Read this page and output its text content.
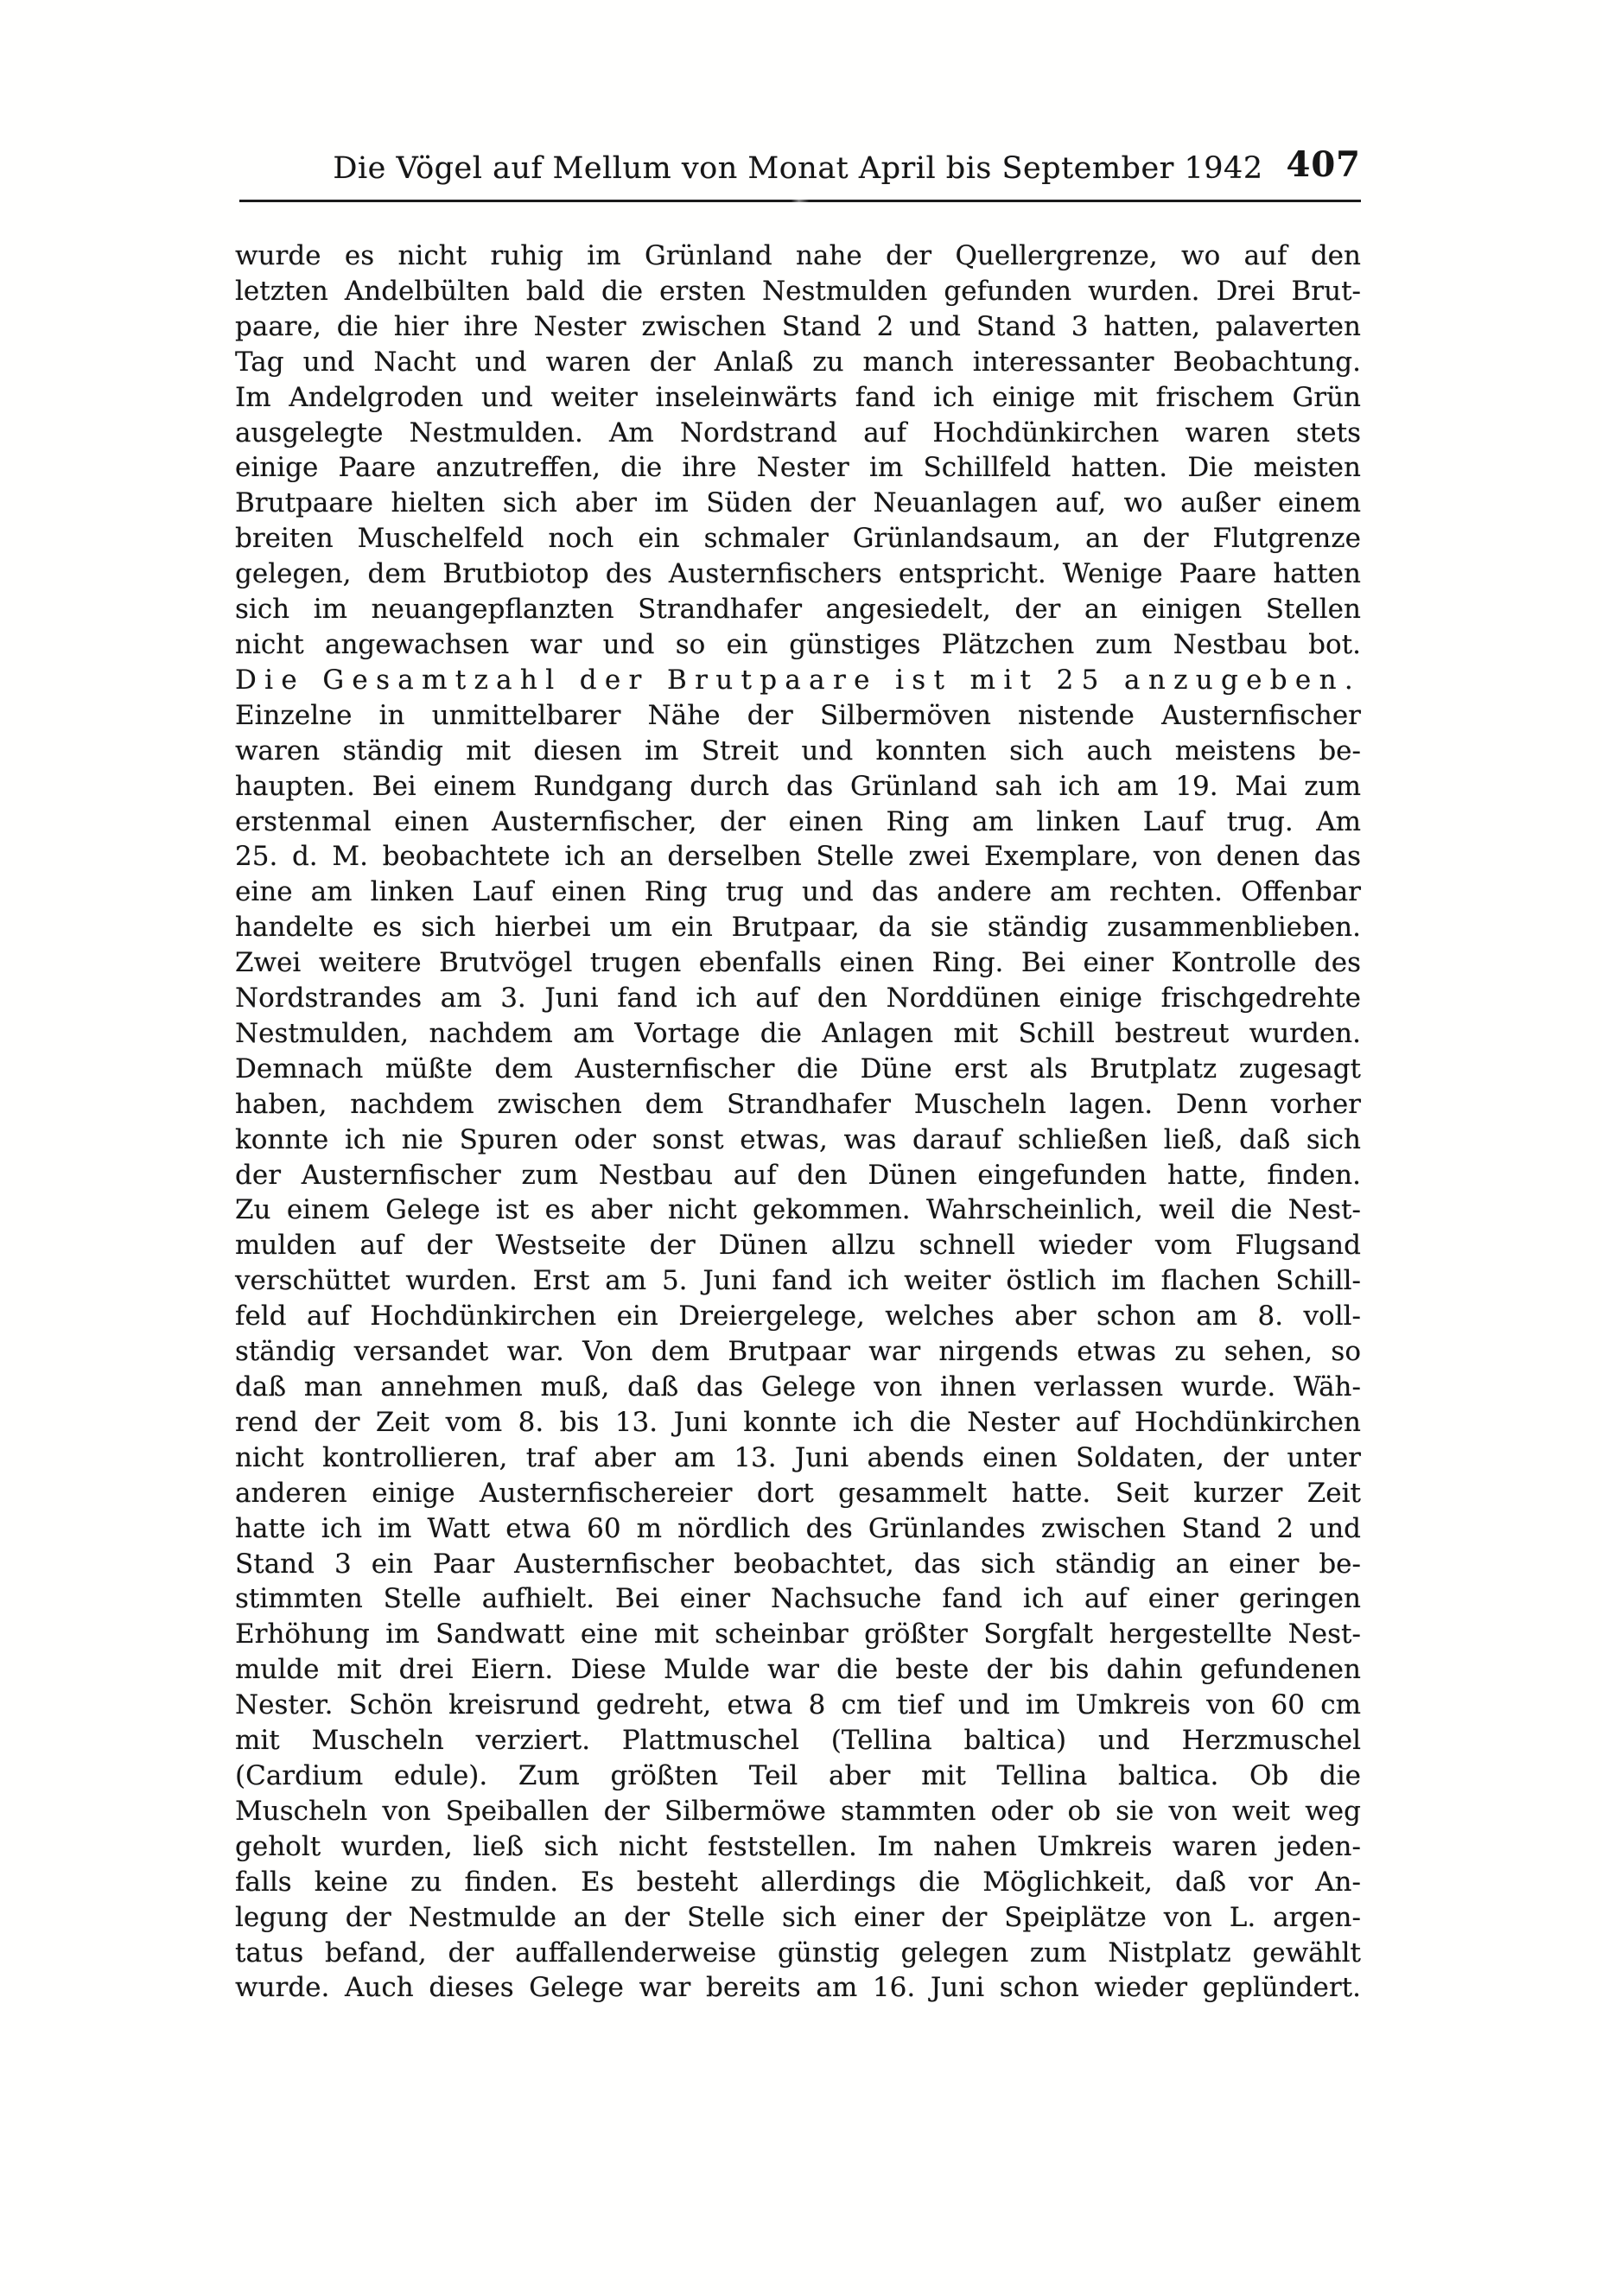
Die Vögel auf Mellum von Monat April bis September 1942 407
wurde es nicht ruhig im Grünland nahe der Quellergrenze, wo auf den
letzten Andelbülten bald die ersten Nestmulden gefunden wurden. Drei Brut-
paare, die hier ihre Nester zwischen Stand 2 und Stand 3 hatten, palaverten
Tag und Nacht und waren der Anlaß zu manch interessanter Beobachtung.
Im Andelgroden und weiter inseleinwärts fand ich einige mit frischem Grün
ausgelegte Nestmulden. Am Nordstrand auf Hochdünkirchen waren stets
einige Paare anzutreffen, die ihre Nester im Schillfeld hatten. Die meisten
Brutpaare hielten sich aber im Süden der Neuanlagen auf, wo außer einem
breiten Muschelfeld noch ein schmaler Grünlandsaum, an der Flutgrenze
gelegen, dem Brutbiotop des Austernfischers entspricht. Wenige Paare hatten
sich im neuangepflanzten Strandhafer angesiedelt, der an einigen Stellen
nicht angewachsen war und so ein günstiges Plätzchen zum Nestbau bot.
Die Gesamtzahl der Brutpaare ist mit 25 anzugeben.
Einzelne in unmittelbarer Nähe der Silbermöven nistende Austernfischer
waren ständig mit diesen im Streit und konnten sich auch meistens be-
haupten. Bei einem Rundgang durch das Grünland sah ich am 19. Mai zum
erstenmal einen Austernfischer, der einen Ring am linken Lauf trug. Am
25. d. M. beobachtete ich an derselben Stelle zwei Exemplare, von denen das
eine am linken Lauf einen Ring trug und das andere am rechten. Offenbar
handelte es sich hierbei um ein Brutpaar, da sie ständig zusammenblieben.
Zwei weitere Brutvögel trugen ebenfalls einen Ring. Bei einer Kontrolle des
Nordstrandes am 3. Juni fand ich auf den Norddünen einige frischgedrehte
Nestmulden, nachdem am Vortage die Anlagen mit Schill bestreut wurden.
Demnach müßte dem Austernfischer die Düne erst als Brutplatz zugesagt
haben, nachdem zwischen dem Strandhafer Muscheln lagen. Denn vorher
konnte ich nie Spuren oder sonst etwas, was darauf schließen ließ, daß sich
der Austernfischer zum Nestbau auf den Dünen eingefunden hatte, finden.
Zu einem Gelege ist es aber nicht gekommen. Wahrscheinlich, weil die Nest-
mulden auf der Westseite der Dünen allzu schnell wieder vom Flugsand
verschüttet wurden. Erst am 5. Juni fand ich weiter östlich im flachen Schill-
feld auf Hochdünkirchen ein Dreiergelege, welches aber schon am 8. voll-
ständig versandet war. Von dem Brutpaar war nirgends etwas zu sehen, so
daß man annehmen muß, daß das Gelege von ihnen verlassen wurde. Wäh-
rend der Zeit vom 8. bis 13. Juni konnte ich die Nester auf Hochdünkirchen
nicht kontrollieren, traf aber am 13. Juni abends einen Soldaten, der unter
anderen einige Austernfischereier dort gesammelt hatte. Seit kurzer Zeit
hatte ich im Watt etwa 60 m nördlich des Grünlandes zwischen Stand 2 und
Stand 3 ein Paar Austernfischer beobachtet, das sich ständig an einer be-
stimmten Stelle aufhielt. Bei einer Nachsuche fand ich auf einer geringen
Erhöhung im Sandwatt eine mit scheinbar größter Sorgfalt hergestellte Nest-
mulde mit drei Eiern. Diese Mulde war die beste der bis dahin gefundenen
Nester. Schön kreisrund gedreht, etwa 8 cm tief und im Umkreis von 60 cm
mit Muscheln verziert. Plattmuschel (Tellina baltica) und Herzmuschel
(Cardium edule). Zum größten Teil aber mit Tellina baltica. Ob die
Muscheln von Speiballen der Silbermöwe stammten oder ob sie von weit weg
geholt wurden, ließ sich nicht feststellen. Im nahen Umkreis waren jeden-
falls keine zu finden. Es besteht allerdings die Möglichkeit, daß vor An-
legung der Nestmulde an der Stelle sich einer der Speiplätze von L. argen-
tatus befand, der auffallenderweise günstig gelegen zum Nistplatz gewählt
wurde. Auch dieses Gelege war bereits am 16. Juni schon wieder geplündert.
